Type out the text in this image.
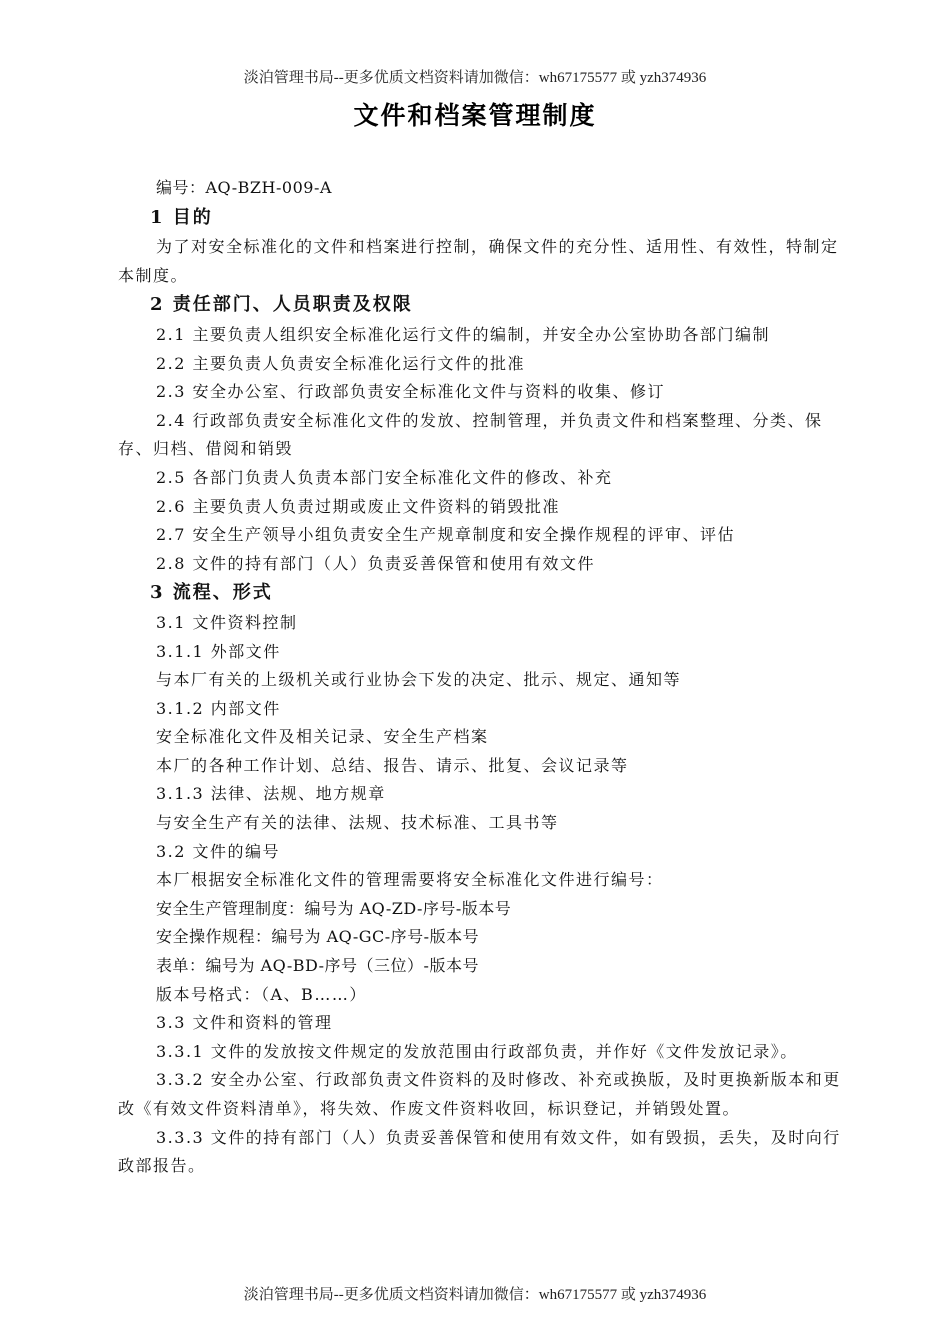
淡泊管理书局--更多优质文档资料请加微信：wh67175577 或 yzh374936
文件和档案管理制度

编号：AQ-BZH-009-A

1 目的

为了对安全标准化的文件和档案进行控制，确保文件的充分性、适用性、有效性，特制定本制度。

2 责任部门、人员职责及权限

2.1 主要负责人组织安全标准化运行文件的编制，并安全办公室协助各部门编制

2.2 主要负责人负责安全标准化运行文件的批准

2.3 安全办公室、行政部负责安全标准化文件与资料的收集、修订

2.4 行政部负责安全标准化文件的发放、控制管理，并负责文件和档案整理、分类、保存、归档、借阅和销毁

2.5 各部门负责人负责本部门安全标准化文件的修改、补充

2.6 主要负责人负责过期或废止文件资料的销毁批准

2.7 安全生产领导小组负责安全生产规章制度和安全操作规程的评审、评估

2.8 文件的持有部门（人）负责妥善保管和使用有效文件

3 流程、形式

3.1 文件资料控制

3.1.1 外部文件

与本厂有关的上级机关或行业协会下发的决定、批示、规定、通知等

3.1.2 内部文件

安全标准化文件及相关记录、安全生产档案

本厂的各种工作计划、总结、报告、请示、批复、会议记录等

3.1.3 法律、法规、地方规章

与安全生产有关的法律、法规、技术标准、工具书等

3.2 文件的编号

本厂根据安全标准化文件的管理需要将安全标准化文件进行编号：

安全生产管理制度：编号为 AQ-ZD-序号-版本号

安全操作规程：编号为 AQ-GC-序号-版本号

表单：编号为 AQ-BD-序号（三位）-版本号

版本号格式：（A、B……）

3.3 文件和资料的管理

3.3.1 文件的发放按文件规定的发放范围由行政部负责，并作好《文件发放记录》。

3.3.2 安全办公室、行政部负责文件资料的及时修改、补充或换版，及时更换新版本和更改《有效文件资料清单》，将失效、作废文件资料收回，标识登记，并销毁处置。

3.3.3 文件的持有部门（人）负责妥善保管和使用有效文件，如有毁损，丢失，及时向行政部报告。

淡泊管理书局--更多优质文档资料请加微信：wh67175577 或 yzh374936
